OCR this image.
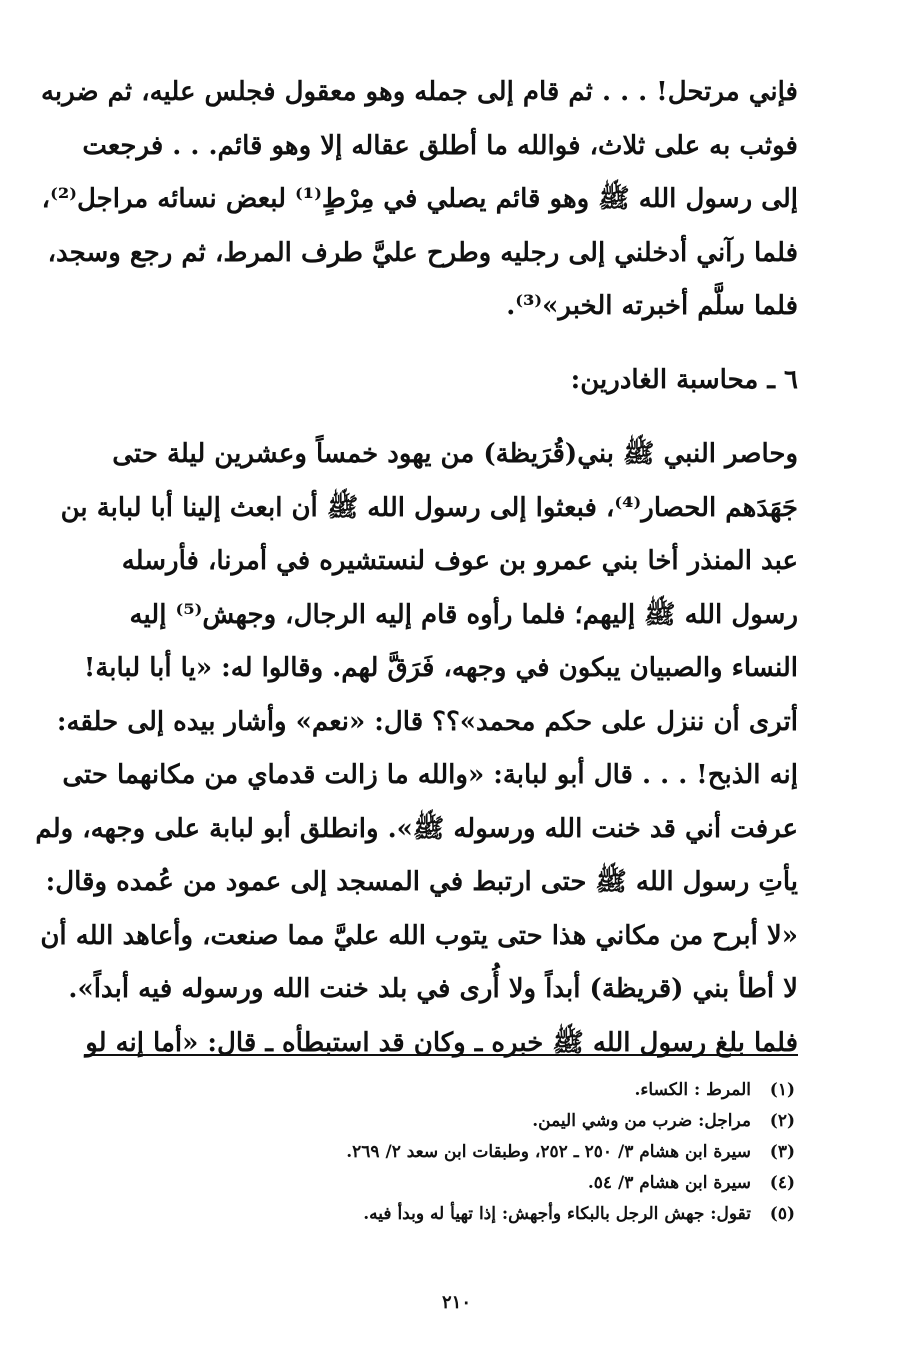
فإني مرتحل! . . . ثم قام إلى جمله وهو معقول فجلس عليه، ثم ضربه
فوثب به على ثلاث، فوالله ما أطلق عقاله إلا وهو قائم. . . فرجعت
إلى رسول الله ﷺ وهو قائم يصلي في مِرْطٍ⁽¹⁾ لبعض نسائه مراجل⁽²⁾،
فلما رآني أدخلني إلى رجليه وطرح عليَّ طرف المرط، ثم رجع وسجد،
فلما سلَّم أخبرته الخبر»⁽³⁾.
٦ ـ محاسبة الغادرين:
وحاصر النبي ﷺ بني(قُرَيظة) من يهود خمساً وعشرين ليلة حتى
جَهَدَهم الحصار⁽⁴⁾، فبعثوا إلى رسول الله ﷺ أن ابعث إلينا أبا لبابة بن
عبد المنذر أخا بني عمرو بن عوف لنستشيره في أمرنا، فأرسله
رسول الله ﷺ إليهم؛ فلما رأوه قام إليه الرجال، وجهش⁽⁵⁾ إليه
النساء والصبيان يبكون في وجهه، فَرَقَّ لهم. وقالوا له: «يا أبا لبابة!
أترى أن ننزل على حكم محمد»؟؟ قال: «نعم» وأشار بيده إلى حلقه:
إنه الذبح! . . . قال أبو لبابة: «والله ما زالت قدماي من مكانهما حتى
عرفت أني قد خنت الله ورسوله ﷺ». وانطلق أبو لبابة على وجهه، ولم
يأتِ رسول الله ﷺ حتى ارتبط في المسجد إلى عمود من عُمده وقال:
«لا أبرح من مكاني هذا حتى يتوب الله عليَّ مما صنعت، وأعاهد الله أن
لا أطأ بني (قريظة) أبداً ولا أُرى في بلد خنت الله ورسوله فيه أبداً».
فلما بلغ رسول الله ﷺ خبره ـ وكان قد استبطأه ـ قال: «أما إنه لو
(١)المرط : الكساء.
(٢)مراجل: ضرب من وشي اليمن.
(٣)سيرة ابن هشام ٣/ ٢٥٠ ـ ٢٥٢، وطبقات ابن سعد ٢/ ٢٦٩.
(٤)سيرة ابن هشام ٣/ ٥٤.
(٥)تقول: جهش الرجل بالبكاء وأجهش: إذا تهيأ له وبدأ فيه.
٢١٠
